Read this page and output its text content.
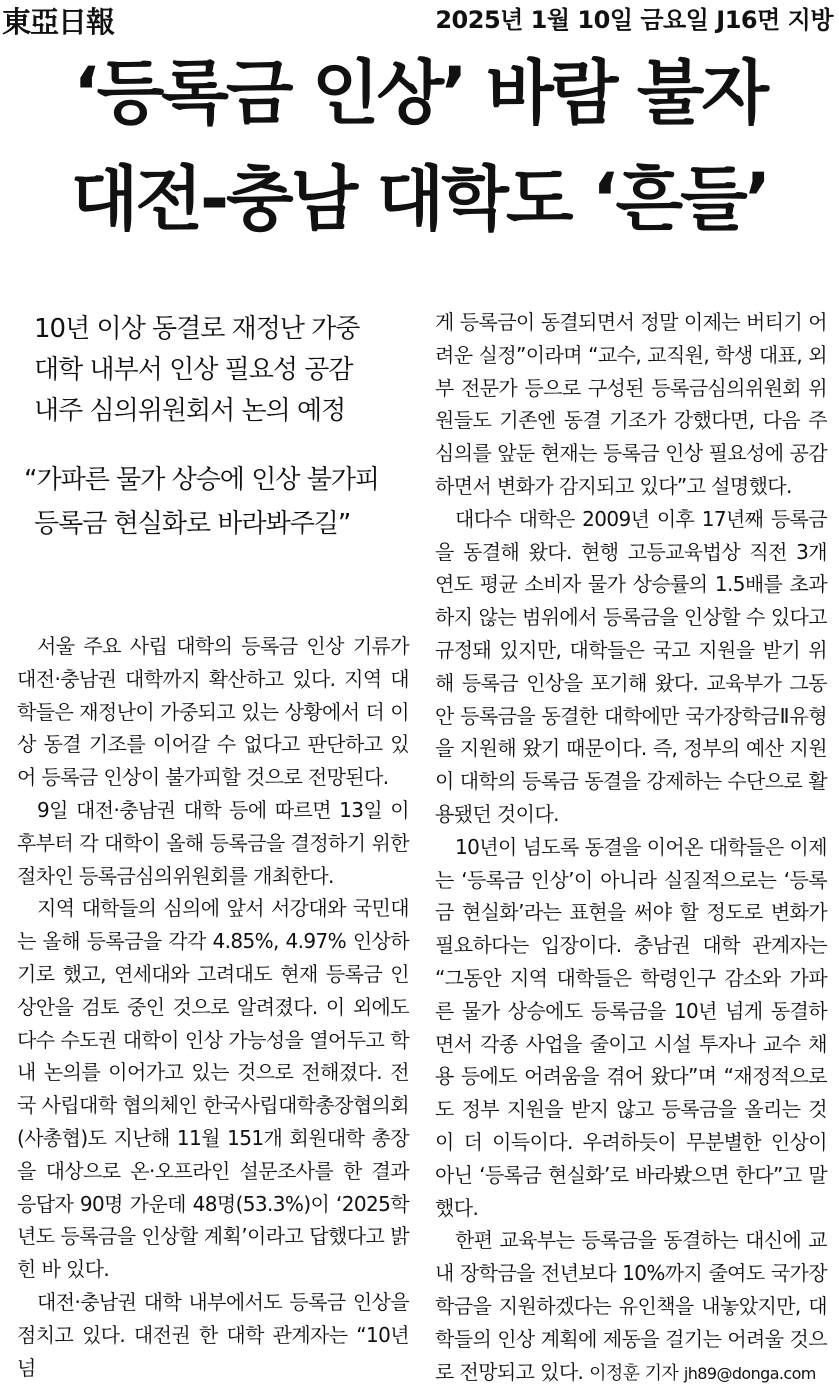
東亞日報	2025년 1월 10일 금요일 J16면 지방
‘등록금 인상’ 바람 불자
대전-충남 대학도 ‘흔들’
10년 이상 동결로 재정난 가중
대학 내부서 인상 필요성 공감
내주 심의위원회서 논의 예정
“가파른 물가 상승에 인상 불가피
등록금 현실화로 바라봐주길”

서울 주요 사립 대학의 등록금 인상 기류가 대전·충남권 대학까지 확산하고 있다. 지역 대학들은 재정난이 가중되고 있는 상황에서 더 이상 동결 기조를 이어갈 수 없다고 판단하고 있어 등록금 인상이 불가피할 것으로 전망된다.

9일 대전·충남권 대학 등에 따르면 13일 이후부터 각 대학이 올해 등록금을 결정하기 위한 절차인 등록금심의위원회를 개최한다.

지역 대학들의 심의에 앞서 서강대와 국민대는 올해 등록금을 각각 4.85%, 4.97% 인상하기로 했고, 연세대와 고려대도 현재 등록금 인상안을 검토 중인 것으로 알려졌다. 이 외에도 다수 수도권 대학이 인상 가능성을 열어두고 학내 논의를 이어가고 있는 것으로 전해졌다. 전국 사립대학 협의체인 한국사립대학총장협의회(사총협)도 지난해 11월 151개 회원대학 총장을 대상으로 온·오프라인 설문조사를 한 결과 응답자 90명 가운데 48명(53.3%)이 ‘2025학년도 등록금을 인상할 계획’이라고 답했다고 밝힌 바 있다.

대전·충남권 대학 내부에서도 등록금 인상을 점치고 있다. 대전권 한 대학 관계자는 “10년 넘

게 등록금이 동결되면서 정말 이제는 버티기 어려운 실정”이라며 “교수, 교직원, 학생 대표, 외부 전문가 등으로 구성된 등록금심의위원회 위원들도 기존엔 동결 기조가 강했다면, 다음 주 심의를 앞둔 현재는 등록금 인상 필요성에 공감하면서 변화가 감지되고 있다”고 설명했다.

대다수 대학은 2009년 이후 17년째 등록금을 동결해 왔다. 현행 고등교육법상 직전 3개 연도 평균 소비자 물가 상승률의 1.5배를 초과하지 않는 범위에서 등록금을 인상할 수 있다고 규정돼 있지만, 대학들은 국고 지원을 받기 위해 등록금 인상을 포기해 왔다. 교육부가 그동안 등록금을 동결한 대학에만 국가장학금Ⅱ유형을 지원해 왔기 때문이다. 즉, 정부의 예산 지원이 대학의 등록금 동결을 강제하는 수단으로 활용됐던 것이다.

10년이 넘도록 동결을 이어온 대학들은 이제는 ‘등록금 인상’이 아니라 실질적으로는 ‘등록금 현실화’라는 표현을 써야 할 정도로 변화가 필요하다는 입장이다. 충남권 대학 관계자는 “그동안 지역 대학들은 학령인구 감소와 가파른 물가 상승에도 등록금을 10년 넘게 동결하면서 각종 사업을 줄이고 시설 투자나 교수 채용 등에도 어려움을 겪어 왔다”며 “재정적으로도 정부 지원을 받지 않고 등록금을 올리는 것이 더 이득이다. 우려하듯이 무분별한 인상이 아닌 ‘등록금 현실화’로 바라봤으면 한다”고 말했다.

한편 교육부는 등록금을 동결하는 대신에 교내 장학금을 전년보다 10%까지 줄여도 국가장학금을 지원하겠다는 유인책을 내놓았지만, 대학들의 인상 계획에 제동을 걸기는 어려울 것으로 전망되고 있다. 이정훈 기자 jh89@donga.com
